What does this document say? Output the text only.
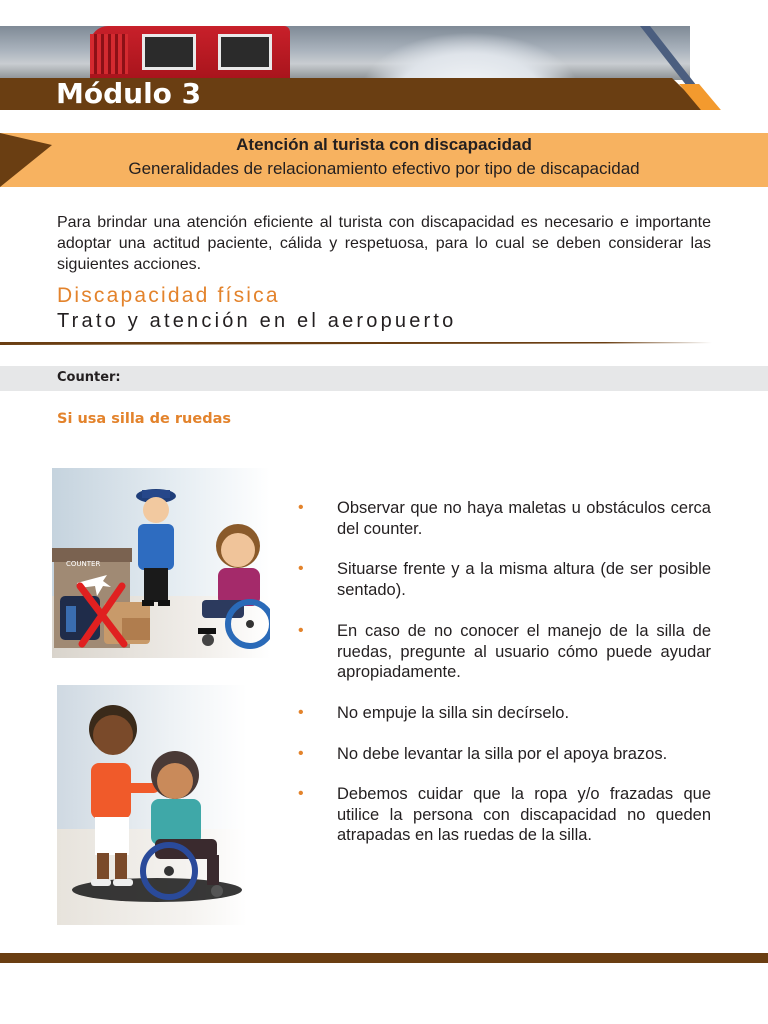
Módulo 3
Atención al turista con discapacidad
Generalidades de relacionamiento efectivo por tipo de discapacidad
Para brindar una atención eficiente al turista con discapacidad es necesario e importante adoptar una actitud paciente, cálida y respetuosa, para lo cual se deben considerar las siguientes acciones.
Discapacidad física
Trato y atención en el aeropuerto
Counter:
Si usa silla de ruedas
COUNTER
• Observar que no haya maletas u obstáculos cerca del counter.
• Situarse frente y a la misma altura (de ser posible sentado).
• En caso de no conocer el manejo de la silla de ruedas, pregunte al usuario cómo puede ayudar apropiadamente.
• No empuje la silla sin decírselo.
• No debe levantar la silla por el apoya brazos.
• Debemos cuidar que la ropa y/o frazadas que utilice la persona con discapacidad no queden atrapadas en las ruedas de la silla.
